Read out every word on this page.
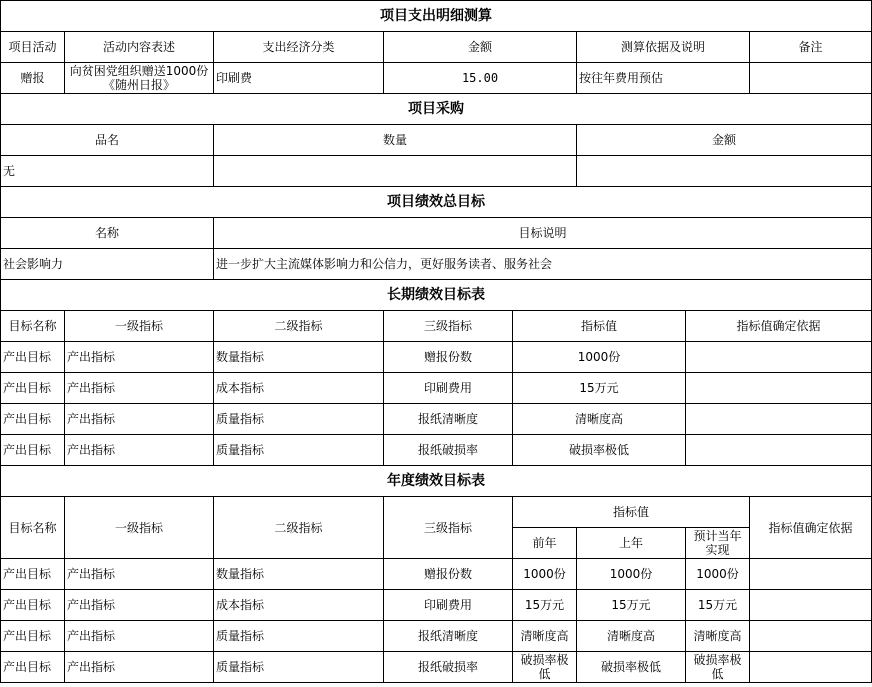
项目支出明细测算							
项目活动	活动内容表述	支出经济分类	金额		测算依据及说明		备注
赠报	向贫困党组织赠送1000份《随州日报》	印刷费	15.00		按往年费用预估		
项目采购							
品名		数量			金额		
无							
项目绩效总目标							
名称		目标说明					
社会影响力		进一步扩大主流媒体影响力和公信力，更好服务读者、服务社会					
长期绩效目标表							
目标名称	一级指标	二级指标	三级指标	指标值		指标值确定依据	
产出目标	产出指标	数量指标	赠报份数	1000份			
产出目标	产出指标	成本指标	印刷费用	15万元			
产出目标	产出指标	质量指标	报纸清晰度	清晰度高			
产出目标	产出指标	质量指标	报纸破损率	破损率极低			
年度绩效目标表							
目标名称	一级指标	二级指标	三级指标	指标值			指标值确定依据
				前年	上年	预计当年实现	
产出目标	产出指标	数量指标	赠报份数	1000份	1000份	1000份	
产出目标	产出指标	成本指标	印刷费用	15万元	15万元	15万元	
产出目标	产出指标	质量指标	报纸清晰度	清晰度高	清晰度高	清晰度高	
产出目标	产出指标	质量指标	报纸破损率	破损率极低	破损率极低	破损率极低	
